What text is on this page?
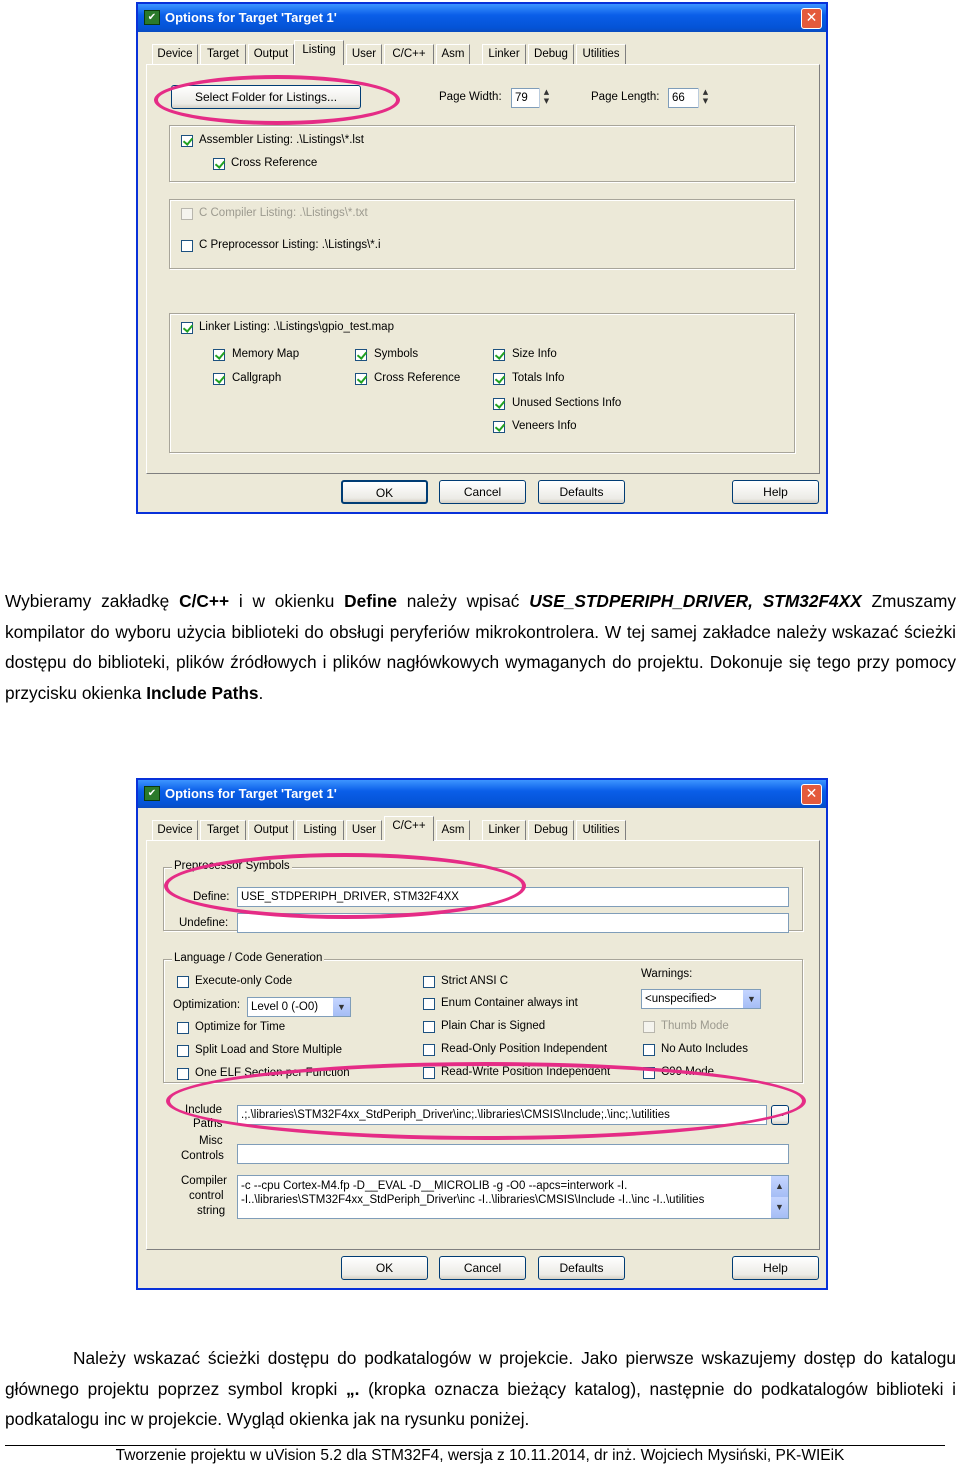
✔ Options for Target 'Target 1'	✕
Device	Target	Output	Listing	User	C/C++	Asm	Linker	Debug	Utilities
Select Folder for Listings...	Page Width:	79	▲
▼	Page Length:	66	▲
▼
Assembler Listing: .\Listings\*.lst
Cross Reference
C Compiler Listing: .\Listings\*.txt
C Preprocessor Listing: .\Listings\*.i
Linker Listing: .\Listings\gpio_test.map
Memory Map
Callgraph
Symbols
Cross Reference
Size Info
Totals Info
Unused Sections Info
Veneers Info
OK	Cancel	Defaults	Help
Wybieramy zakładkę C/C++ i w okienku Define należy wpisać USE_STDPERIPH_DRIVER, STM32F4XX Zmuszamy kompilator do wyboru użycia biblioteki do obsługi peryferiów mikrokontrolera. W tej samej zakładce należy wskazać ścieżki dostępu do biblioteki, plików źródłowych i plików nagłówkowych wymaganych do projektu. Dokonuje się tego przy pomocy przycisku okienka Include Paths.
✔ Options for Target 'Target 1'	✕
Device	Target	Output	Listing	User	C/C++	Asm	Linker	Debug	Utilities
Preprocessor Symbols
Define:	USE_STDPERIPH_DRIVER, STM32F4XX
Undefine:
Language / Code Generation
Execute-only Code
Optimization: Level 0 (-O0)	▼
Optimize for Time
Split Load and Store Multiple
One ELF Section per Function
Strict ANSI C
Enum Container always int
Plain Char is Signed
Read-Only Position Independent
Read-Write Position Independent
Warnings:
<unspecified>	▼
Thumb Mode
No Auto Includes
C99 Mode
Include
Paths
.;.\libraries\STM32F4xx_StdPeriph_Driver\inc;.\libraries\CMSIS\Include;.\inc;.\utilities	...
Misc
Controls
Compiler
control
string
-c --cpu Cortex-M4.fp -D__EVAL -D__MICROLIB -g -O0 --apcs=interwork -I.
-I..\libraries\STM32F4xx_StdPeriph_Driver\inc -I..\libraries\CMSIS\Include -I..\inc -I..\utilities
▲
▼
OK	Cancel	Defaults	Help
Należy wskazać ścieżki dostępu do podkatalogów w projekcie. Jako pierwsze wskazujemy dostęp do katalogu głównego projektu poprzez symbol kropki „. (kropka oznacza bieżący katalog), następnie do podkatalogów biblioteki i podkatalogu inc w projekcie. Wygląd okienka jak na rysunku poniżej.
Tworzenie projektu w uVision 5.2 dla STM32F4, wersja z 10.11.2014, dr inż. Wojciech Mysiński, PK-WIEiK
